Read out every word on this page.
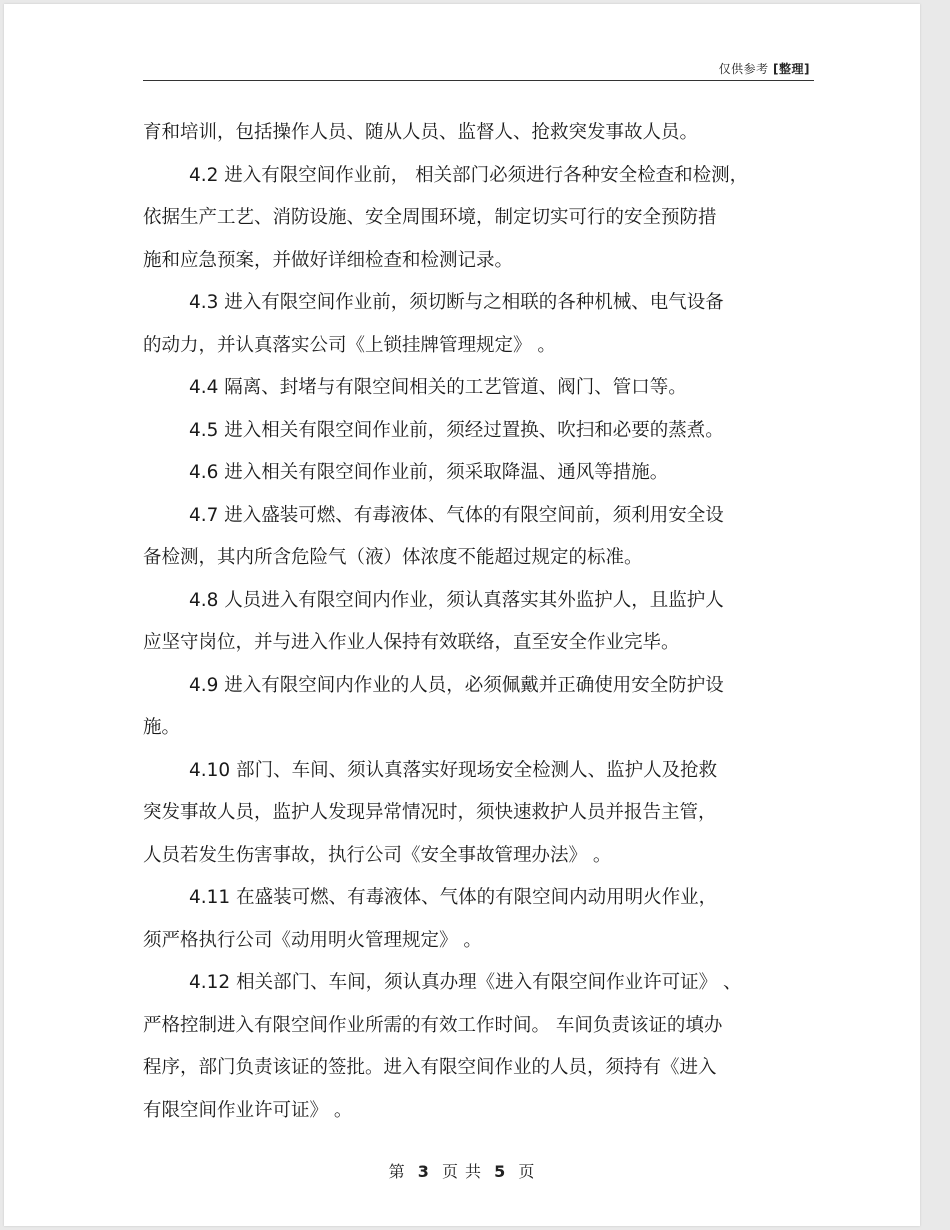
仅供参考 [整理]
育和培训，包括操作人员、随从人员、监督人、抢救突发事故人员。
4.2 进入有限空间作业前， 相关部门必须进行各种安全检查和检测，
依据生产工艺、消防设施、安全周围环境，制定切实可行的安全预防措
施和应急预案，并做好详细检查和检测记录。
4.3 进入有限空间作业前，须切断与之相联的各种机械、电气设备
的动力，并认真落实公司《上锁挂牌管理规定》 。
4.4 隔离、封堵与有限空间相关的工艺管道、阀门、管口等。
4.5 进入相关有限空间作业前，须经过置换、吹扫和必要的蒸煮。
4.6 进入相关有限空间作业前，须采取降温、通风等措施。
4.7 进入盛装可燃、有毒液体、气体的有限空间前，须利用安全设
备检测，其内所含危险气（液）体浓度不能超过规定的标准。
4.8 人员进入有限空间内作业，须认真落实其外监护人，且监护人
应坚守岗位，并与进入作业人保持有效联络，直至安全作业完毕。
4.9 进入有限空间内作业的人员，必须佩戴并正确使用安全防护设
施。
4.10 部门、车间、须认真落实好现场安全检测人、监护人及抢救
突发事故人员，监护人发现异常情况时，须快速救护人员并报告主管，
人员若发生伤害事故，执行公司《安全事故管理办法》 。
4.11 在盛装可燃、有毒液体、气体的有限空间内动用明火作业，
须严格执行公司《动用明火管理规定》 。
4.12 相关部门、车间，须认真办理《进入有限空间作业许可证》 、
严格控制进入有限空间作业所需的有效工作时间。 车间负责该证的填办
程序，部门负责该证的签批。进入有限空间作业的人员，须持有《进入
有限空间作业许可证》 。
第 3 页 共 5 页
